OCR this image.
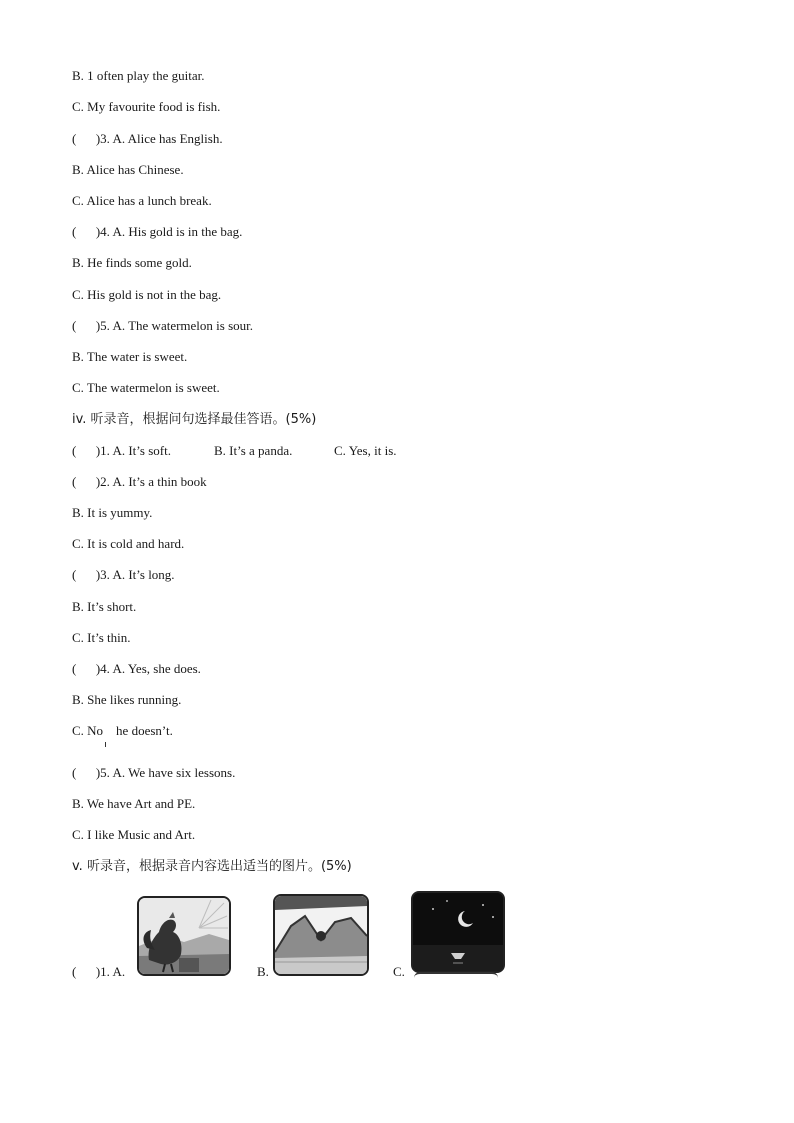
B. 1 often play the guitar.
C. My favourite food is fish.
(      )3. A. Alice has English.
B. Alice has Chinese.
C. Alice has a lunch break.
(      )4. A. His gold is in the bag.
B. He finds some gold.
C. His gold is not in the bag.
(      )5. A. The watermelon is sour.
B. The water is sweet.
C. The watermelon is sweet.
iv. 听录音，根据问句选择最佳答语。(5%)
(      )1. A. It’s soft.	B. It’s a panda.	C. Yes, it is.
(      )2. A. It’s a thin book
B. It is yummy.
C. It is cold and hard.
(      )3. A. It’s long.
B. It’s short.
C. It’s thin.
(      )4. A. Yes, she does.
B. She likes running.
C. No    he doesn’t.
(      )5. A. We have six lessons.
B. We have Art and PE.
C. I like Music and Art.
v. 听录音，根据录音内容选出适当的图片。(5%)
(      )1. A.	B.	C.
